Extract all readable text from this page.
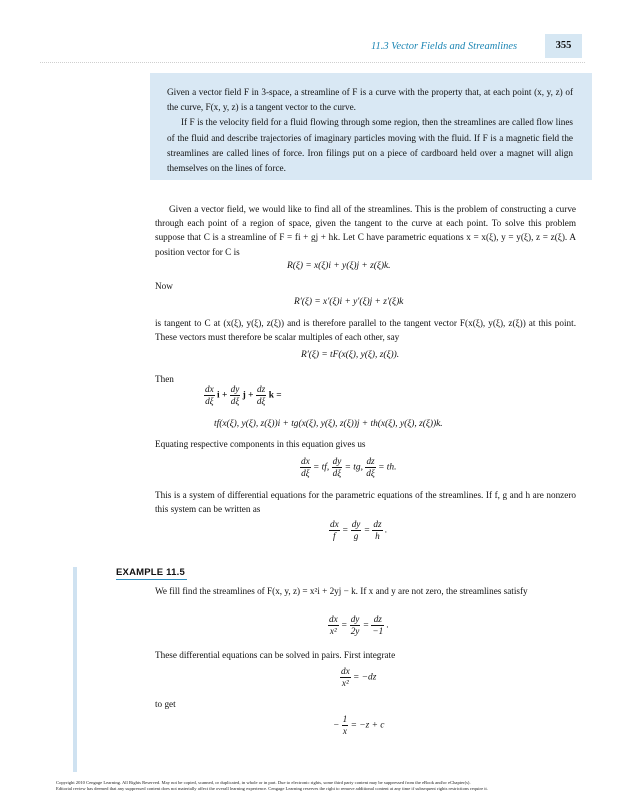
11.3 Vector Fields and Streamlines	355

Given a vector field F in 3-space, a streamline of F is a curve with the property that, at each point (x, y, z) of the curve, F(x, y, z) is a tangent vector to the curve.

If F is the velocity field for a fluid flowing through some region, then the streamlines are called flow lines of the fluid and describe trajectories of imaginary particles moving with the fluid. If F is a magnetic field the streamlines are called lines of force. Iron filings put on a piece of cardboard held over a magnet will align themselves on the lines of force.

Given a vector field, we would like to find all of the streamlines. This is the problem of constructing a curve through each point of a region of space, given the tangent to the curve at each point. To solve this problem suppose that C is a streamline of F = fi + gj + hk. Let C have parametric equations x = x(ξ), y = y(ξ), z = z(ξ). A position vector for C is

R(ξ) = x(ξ)i + y(ξ)j + z(ξ)k.

Now

R′(ξ) = x′(ξ)i + y′(ξ)j + z′(ξ)k

is tangent to C at (x(ξ), y(ξ), z(ξ)) and is therefore parallel to the tangent vector F(x(ξ), y(ξ), z(ξ)) at this point. These vectors must therefore be scalar multiples of each other, say

R′(ξ) = tF(x(ξ), y(ξ), z(ξ)).

Then

$\frac{dx}{d\xi}$ $i + \frac{dy}{d\xi}$ $j + \frac{dz}{d\xi}$ k =
tf(x(ξ), y(ξ), z(ξ))i + tg(x(ξ), y(ξ), z(ξ))j + th(x(ξ), y(ξ), z(ξ))k.

Equating respective components in this equation gives us

$\frac{dx}{d\xi}$ = tf, $\frac{dy}{d\xi}$ = tg, $\frac{dz}{d\xi}$ = th.

This is a system of differential equations for the parametric equations of the streamlines. If f, g and h are nonzero this system can be written as

$\frac{dx}{f} = \frac{dy}{g} = \frac{dz}{h}$ .
EXAMPLE 11.5

We fill find the streamlines of F(x, y, z) = x²i + 2yj − k. If x and y are not zero, the streamlines satisfy

$\frac{dx}{\text{x²}} = \frac{dy}{2y} = \frac{dz}{-1}$ .

These differential equations can be solved in pairs. First integrate

$\frac{dx}{\text{x²}} = -dz$

to get

− $\frac{1}{x} = -z + c$

Copyright 2010 Cengage Learning. All Rights Reserved. May not be copied, scanned, or duplicated, in whole or in part. Due to electronic rights, some third party content may be suppressed from the eBook and/or eChapter(s).

Editorial review has deemed that any suppressed content does not materially affect the overall learning experience. Cengage Learning reserves the right to remove additional content at any time if subsequent rights restrictions require it.
